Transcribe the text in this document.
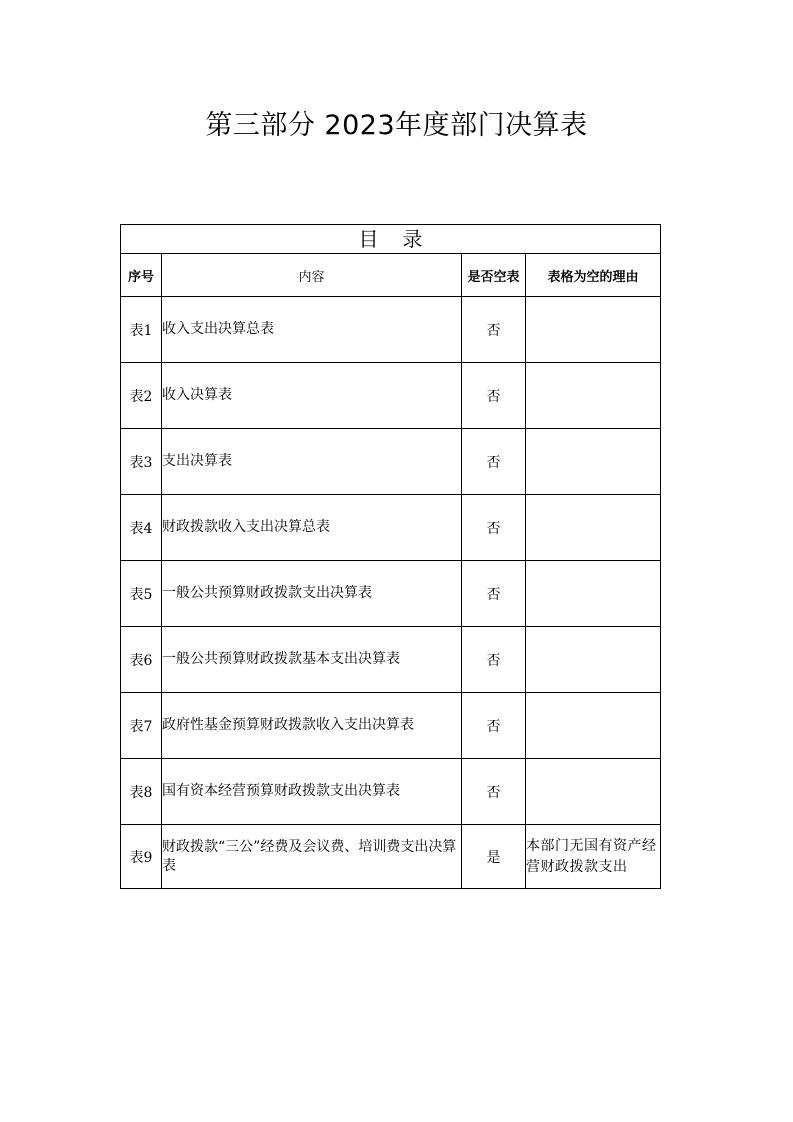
第三部分 2023年度部门决算表
目录			
序号	内容	是否空表	表格为空的理由
表1	收入支出决算总表	否	
表2	收入决算表	否	
表3	支出决算表	否	
表4	财政拨款收入支出决算总表	否	
表5	一般公共预算财政拨款支出决算表	否	
表6	一般公共预算财政拨款基本支出决算表	否	
表7	政府性基金预算财政拨款收入支出决算表	否	
表8	国有资本经营预算财政拨款支出决算表	否	
表9	财政拨款“三公”经费及会议费、培训费支出决算表	是	本部门无国有资产经营财政拨款支出
